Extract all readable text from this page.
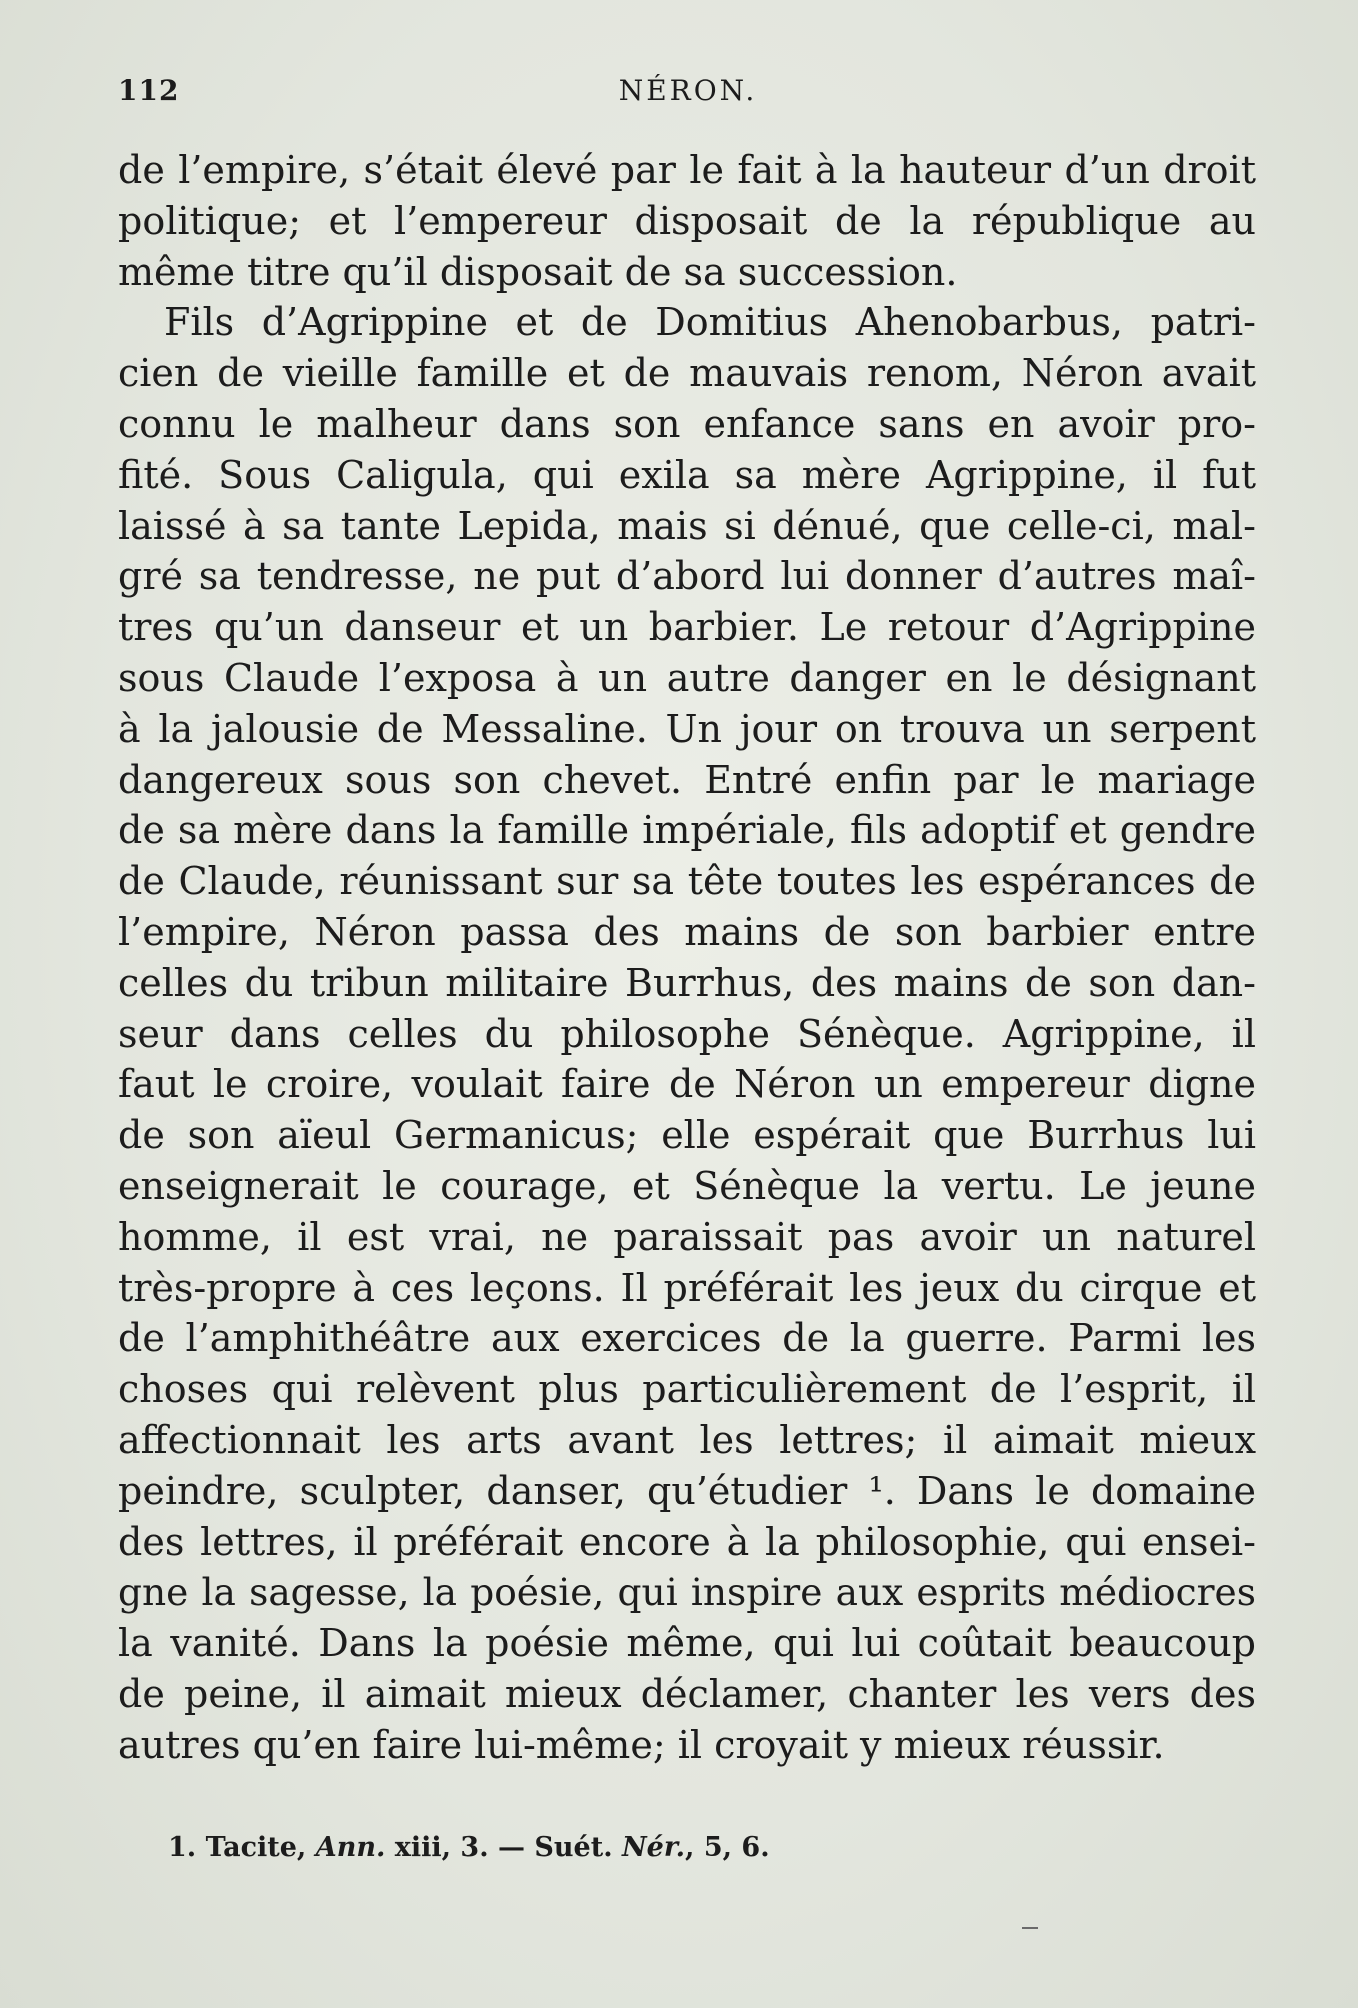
112	NÉRON.
de l’empire, s’était élevé par le fait à la hauteur d’un droit
politique; et l’empereur disposait de la république au
même titre qu’il disposait de sa succession.
Fils d’Agrippine et de Domitius Ahenobarbus, patri-
cien de vieille famille et de mauvais renom, Néron avait
connu le malheur dans son enfance sans en avoir pro-
fité. Sous Caligula, qui exila sa mère Agrippine, il fut
laissé à sa tante Lepida, mais si dénué, que celle-ci, mal-
gré sa tendresse, ne put d’abord lui donner d’autres maî-
tres qu’un danseur et un barbier. Le retour d’Agrippine
sous Claude l’exposa à un autre danger en le désignant
à la jalousie de Messaline. Un jour on trouva un serpent
dangereux sous son chevet. Entré enfin par le mariage
de sa mère dans la famille impériale, fils adoptif et gendre
de Claude, réunissant sur sa tête toutes les espérances de
l’empire, Néron passa des mains de son barbier entre
celles du tribun militaire Burrhus, des mains de son dan-
seur dans celles du philosophe Sénèque. Agrippine, il
faut le croire, voulait faire de Néron un empereur digne
de son aïeul Germanicus; elle espérait que Burrhus lui
enseignerait le courage, et Sénèque la vertu. Le jeune
homme, il est vrai, ne paraissait pas avoir un naturel
très-propre à ces leçons. Il préférait les jeux du cirque et
de l’amphithéâtre aux exercices de la guerre. Parmi les
choses qui relèvent plus particulièrement de l’esprit, il
affectionnait les arts avant les lettres; il aimait mieux
peindre, sculpter, danser, qu’étudier ¹. Dans le domaine
des lettres, il préférait encore à la philosophie, qui ensei-
gne la sagesse, la poésie, qui inspire aux esprits médiocres
la vanité. Dans la poésie même, qui lui coûtait beaucoup
de peine, il aimait mieux déclamer, chanter les vers des
autres qu’en faire lui-même; il croyait y mieux réussir.
1. Tacite, Ann. xiii, 3. — Suét. Nér., 5, 6.
